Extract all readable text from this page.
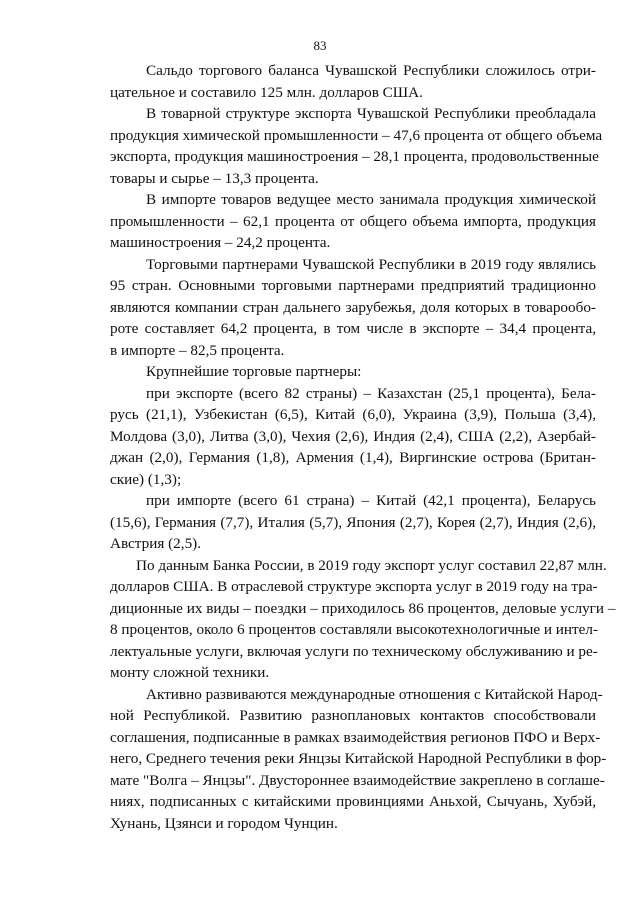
83
Сальдо торгового баланса Чувашской Республики сложилось отри-
цательное и составило 125 млн. долларов США.
В товарной структуре экспорта Чувашской Республики преобладала
продукция химической промышленности – 47,6 процента от общего объема
экспорта, продукция машиностроения – 28,1 процента, продовольственные
товары и сырье – 13,3 процента.
В импорте товаров ведущее место занимала продукция химической
промышленности – 62,1 процента от общего объема импорта, продукция
машиностроения – 24,2 процента.
Торговыми партнерами Чувашской Республики в 2019 году являлись
95 стран. Основными торговыми партнерами предприятий традиционно
являются компании стран дальнего зарубежья, доля которых в товарообо-
роте составляет 64,2 процента, в том числе в экспорте – 34,4 процента,
в импорте – 82,5 процента.
Крупнейшие торговые партнеры:
при экспорте (всего 82 страны) – Казахстан (25,1 процента), Бела-
русь (21,1), Узбекистан (6,5), Китай (6,0), Украина (3,9), Польша (3,4),
Молдова (3,0), Литва (3,0), Чехия (2,6), Индия (2,4), США (2,2), Азербай-
джан (2,0), Германия (1,8), Армения (1,4), Виргинские острова (Британ-
ские) (1,3);
при импорте (всего 61 страна) – Китай (42,1 процента), Беларусь
(15,6), Германия (7,7), Италия (5,7), Япония (2,7), Корея (2,7), Индия (2,6),
Австрия (2,5).
По данным Банка России, в 2019 году экспорт услуг составил 22,87 млн.
долларов США. В отраслевой структуре экспорта услуг в 2019 году на тра-
диционные их виды – поездки – приходилось 86 процентов, деловые услуги –
8 процентов, около 6 процентов составляли высокотехнологичные и интел-
лектуальные услуги, включая услуги по техническому обслуживанию и ре-
монту сложной техники.
Активно развиваются международные отношения с Китайской Народ-
ной Республикой. Развитию разноплановых контактов способствовали
соглашения, подписанные в рамках взаимодействия регионов ПФО и Верх-
него, Среднего течения реки Янцзы Китайской Народной Республики в фор-
мате "Волга – Янцзы". Двустороннее взаимодействие закреплено в соглаше-
ниях, подписанных с китайскими провинциями Аньхой, Сычуань, Хубэй,
Хунань, Цзянси и городом Чунцин.
